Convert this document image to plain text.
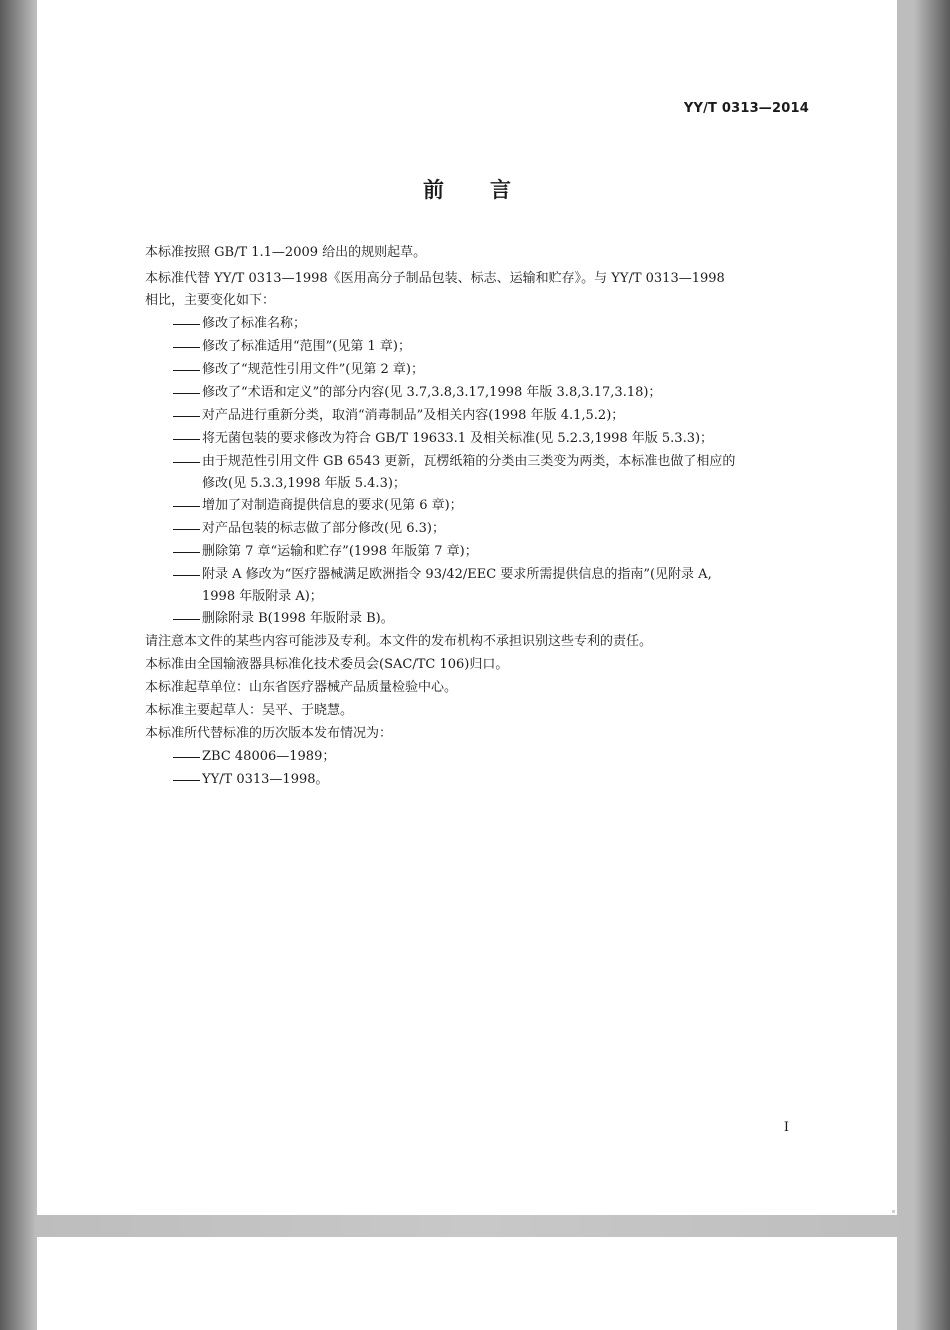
YY/T 0313—2014
前言
本标准按照 GB/T 1.1—2009 给出的规则起草。
本标准代替 YY/T 0313—1998《医用高分子制品包装、标志、运输和贮存》。与 YY/T 0313—1998
相比，主要变化如下：
修改了标准名称；
修改了标准适用“范围”(见第 1 章)；
修改了“规范性引用文件”(见第 2 章)；
修改了“术语和定义”的部分内容(见 3.7,3.8,3.17,1998 年版 3.8,3.17,3.18)；
对产品进行重新分类，取消“消毒制品”及相关内容(1998 年版 4.1,5.2)；
将无菌包装的要求修改为符合 GB/T 19633.1 及相关标准(见 5.2.3,1998 年版 5.3.3)；
由于规范性引用文件 GB 6543 更新，瓦楞纸箱的分类由三类变为两类，本标准也做了相应的
修改(见 5.3.3,1998 年版 5.4.3)；
增加了对制造商提供信息的要求(见第 6 章)；
对产品包装的标志做了部分修改(见 6.3)；
删除第 7 章“运输和贮存”(1998 年版第 7 章)；
附录 A 修改为“医疗器械满足欧洲指令 93/42/EEC 要求所需提供信息的指南”(见附录 A,
1998 年版附录 A)；
删除附录 B(1998 年版附录 B)。
请注意本文件的某些内容可能涉及专利。本文件的发布机构不承担识别这些专利的责任。
本标准由全国输液器具标准化技术委员会(SAC/TC 106)归口。
本标准起草单位：山东省医疗器械产品质量检验中心。
本标准主要起草人：吴平、于晓慧。
本标准所代替标准的历次版本发布情况为：
ZBC 48006—1989；
YY/T 0313—1998。
I
